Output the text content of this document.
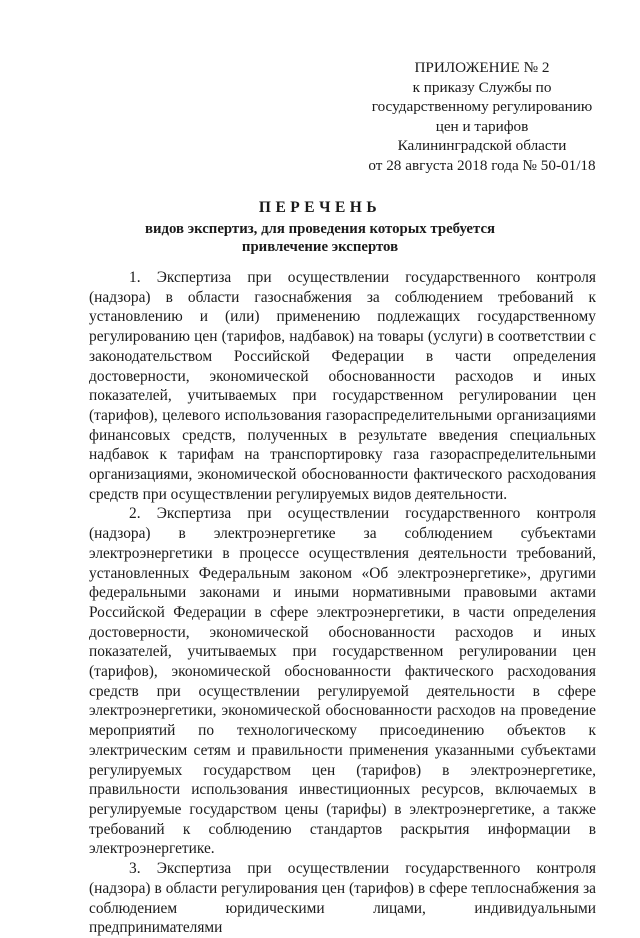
ПРИЛОЖЕНИЕ № 2
к приказу Службы по
государственному регулированию
цен и тарифов
Калининградской области
от 28 августа 2018 года № 50-01/18
ПЕРЕЧЕНЬ
видов экспертиз, для проведения которых требуется
привлечение экспертов

1. Экспертиза при осуществлении государственного контроля (надзора) в области газоснабжения за соблюдением требований к установлению и (или) применению подлежащих государственному регулированию цен (тарифов, надбавок) на товары (услуги) в соответствии с законодательством Российской Федерации в части определения достоверности, экономической обоснованности расходов и иных показателей, учитываемых при государственном регулировании цен (тарифов), целевого использования газораспределительными организациями финансовых средств, полученных в результате введения специальных надбавок к тарифам на транспортировку газа газораспределительными организациями, экономической обоснованности фактического расходования средств при осуществлении регулируемых видов деятельности.

2. Экспертиза при осуществлении государственного контроля (надзора) в электроэнергетике за соблюдением субъектами электроэнергетики в процессе осуществления деятельности требований, установленных Федеральным законом «Об электроэнергетике», другими федеральными законами и иными нормативными правовыми актами Российской Федерации в сфере электроэнергетики, в части определения достоверности, экономической обоснованности расходов и иных показателей, учитываемых при государственном регулировании цен (тарифов), экономической обоснованности фактического расходования средств при осуществлении регулируемой деятельности в сфере электроэнергетики, экономической обоснованности расходов на проведение мероприятий по технологическому присоединению объектов к электрическим сетям и правильности применения указанными субъектами регулируемых государством цен (тарифов) в электроэнергетике, правильности использования инвестиционных ресурсов, включаемых в регулируемые государством цены (тарифы) в электроэнергетике, а также требований к соблюдению стандартов раскрытия информации в электроэнергетике.

3. Экспертиза при осуществлении государственного контроля (надзора) в области регулирования цен (тарифов) в сфере теплоснабжения за соблюдением юридическими лицами, индивидуальными предпринимателями
